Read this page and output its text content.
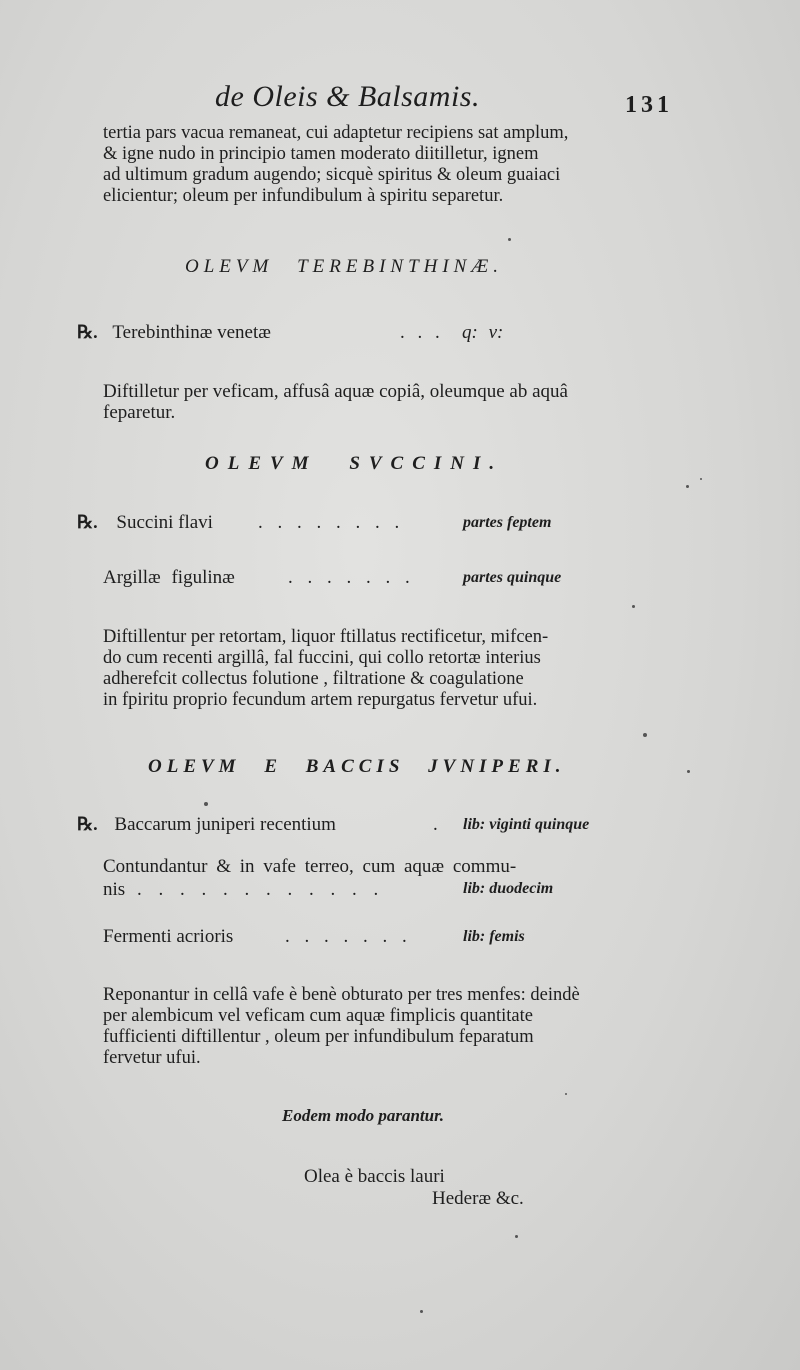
de Oleis & Balsamis.	131
tertia pars vacua remaneat, cui adaptetur recipiens sat amplum,
& igne nudo in principio tamen moderato diitilletur, ignem
ad ultimum gradum augendo; sicquè spiritus & oleum guaiaci
elicientur; oleum per infundibulum à spiritu separetur.
OLEVM TEREBINTHINÆ.
℞. Terebinthinæ venetæ	. . . q: v:
Diftilletur per veficam, affusâ aquæ copiâ, oleumque ab aquâ
feparetur.
OLEVM SVCCINI.
℞. Succini flavi . . . . . . . .	partes feptem
Argillæ figulinæ	. . . . . . .	partes quinque
Diftillentur per retortam, liquor ftillatus rectificetur, mifcen-
do cum recenti argillâ, fal fuccini, qui collo retortæ interius
adherefcit collectus folutione , filtratione & coagulatione
in fpiritu proprio fecundum artem repurgatus fervetur ufui.
OLEVM E BACCIS JVNIPERI.
℞. Baccarum juniperi recentium	. lib: viginti quinque
Contundantur & in vafe terreo, cum aquæ commu-
nis . . . . . . . . . . . .	lib: duodecim
Fermenti acrioris	. . . . . . .	lib: femis
Reponantur in cellâ vafe è benè obturato per tres menfes: deindè
per alembicum vel veficam cum aquæ fimplicis quantitate
fufficienti diftillentur , oleum per infundibulum feparatum
fervetur ufui.
Eodem modo parantur.
Olea è baccis lauri
Hederæ &c.
